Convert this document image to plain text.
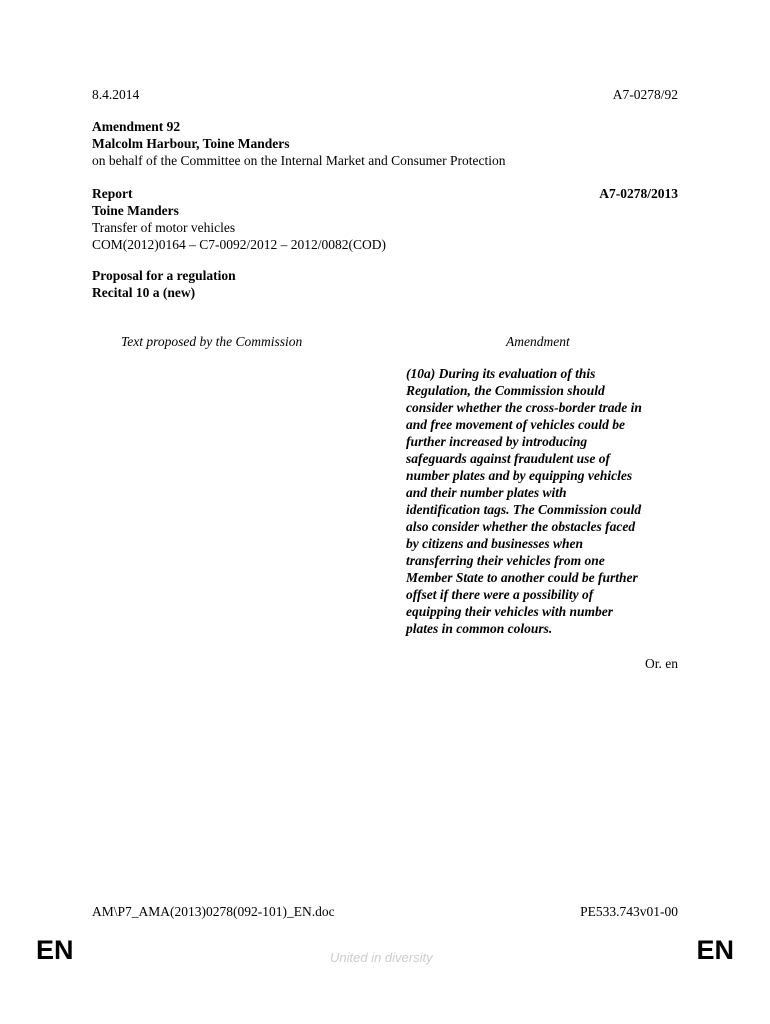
8.4.2014	A7-0278/92
Amendment 92
Malcolm Harbour, Toine Manders
on behalf of the Committee on the Internal Market and Consumer Protection
Report	A7-0278/2013
Toine Manders
Transfer of motor vehicles
COM(2012)0164 – C7-0092/2012 – 2012/0082(COD)
Proposal for a regulation
Recital 10 a (new)
Text proposed by the Commission	Amendment
(10a) During its evaluation of this
Regulation, the Commission should
consider whether the cross-border trade in
and free movement of vehicles could be
further increased by introducing
safeguards against fraudulent use of
number plates and by equipping vehicles
and their number plates with
identification tags. The Commission could
also consider whether the obstacles faced
by citizens and businesses when
transferring their vehicles from one
Member State to another could be further
offset if there were a possibility of
equipping their vehicles with number
plates in common colours.
Or. en
AM\P7_AMA(2013)0278(092-101)_EN.doc	PE533.743v01-00
EN	United in diversity	EN
